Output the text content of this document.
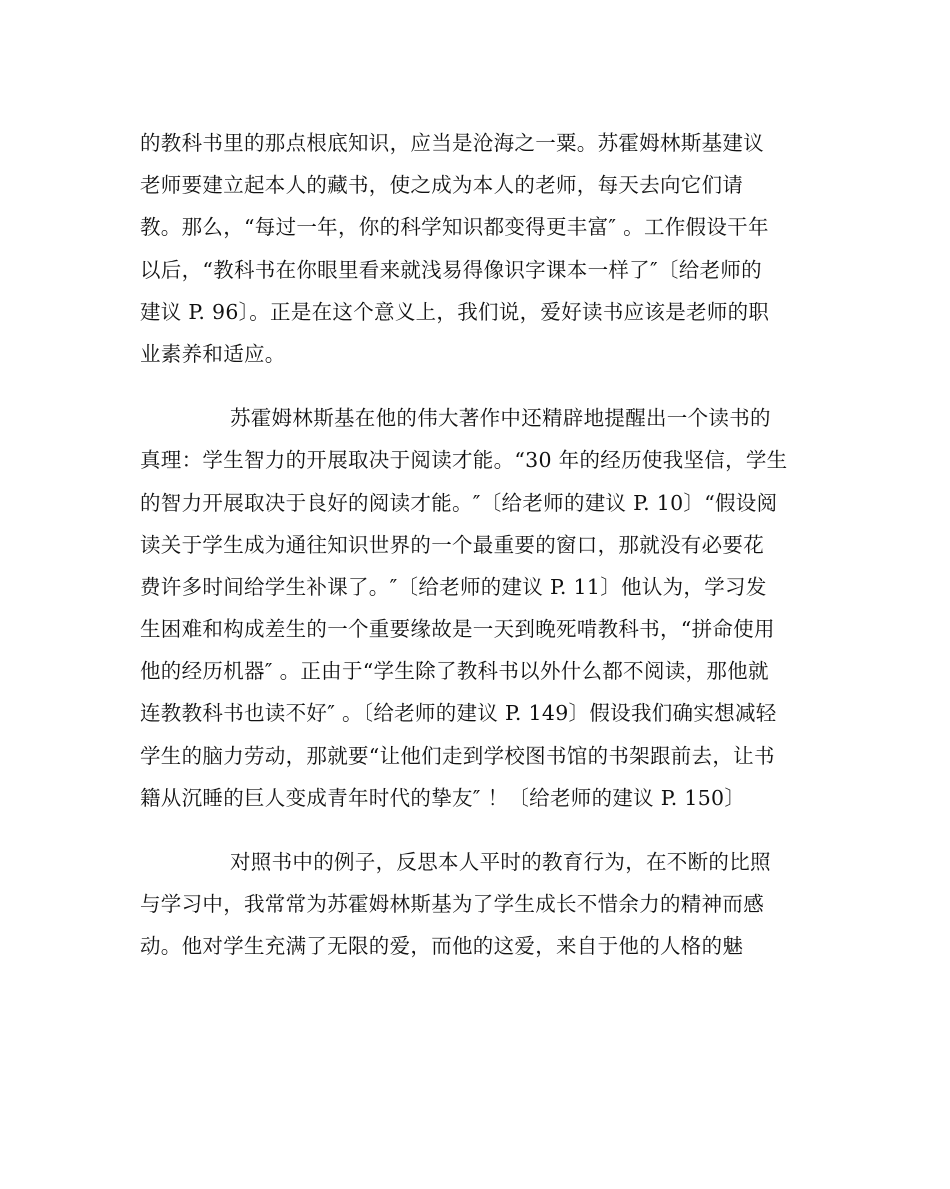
的教科书里的那点根底知识，应当是沧海之一粟。苏霍姆林斯基建议
老师要建立起本人的藏书，使之成为本人的老师，每天去向它们请
教。那么，“每过一年，你的科学知识都变得更丰富″ 。工作假设干年
以后，“教科书在你眼里看来就浅易得像识字课本一样了″〔给老师的
建议 P. 96〕。正是在这个意义上，我们说，爱好读书应该是老师的职
业素养和适应。
苏霍姆林斯基在他的伟大著作中还精辟地提醒出一个读书的
真理：学生智力的开展取决于阅读才能。“30 年的经历使我坚信，学生
的智力开展取决于良好的阅读才能。″〔给老师的建议 P. 10〕“假设阅
读关于学生成为通往知识世界的一个最重要的窗口，那就没有必要花
费许多时间给学生补课了。″〔给老师的建议 P. 11〕他认为，学习发
生困难和构成差生的一个重要缘故是一天到晚死啃教科书，“拼命使用
他的经历机器″ 。正由于“学生除了教科书以外什么都不阅读，那他就
连教教科书也读不好″ 。〔给老师的建议 P. 149〕假设我们确实想减轻
学生的脑力劳动，那就要“让他们走到学校图书馆的书架跟前去，让书
籍从沉睡的巨人变成青年时代的挚友″ ！〔给老师的建议 P. 150〕
对照书中的例子，反思本人平时的教育行为，在不断的比照
与学习中，我常常为苏霍姆林斯基为了学生成长不惜余力的精神而感
动。他对学生充满了无限的爱，而他的这爱，来自于他的人格的魅
